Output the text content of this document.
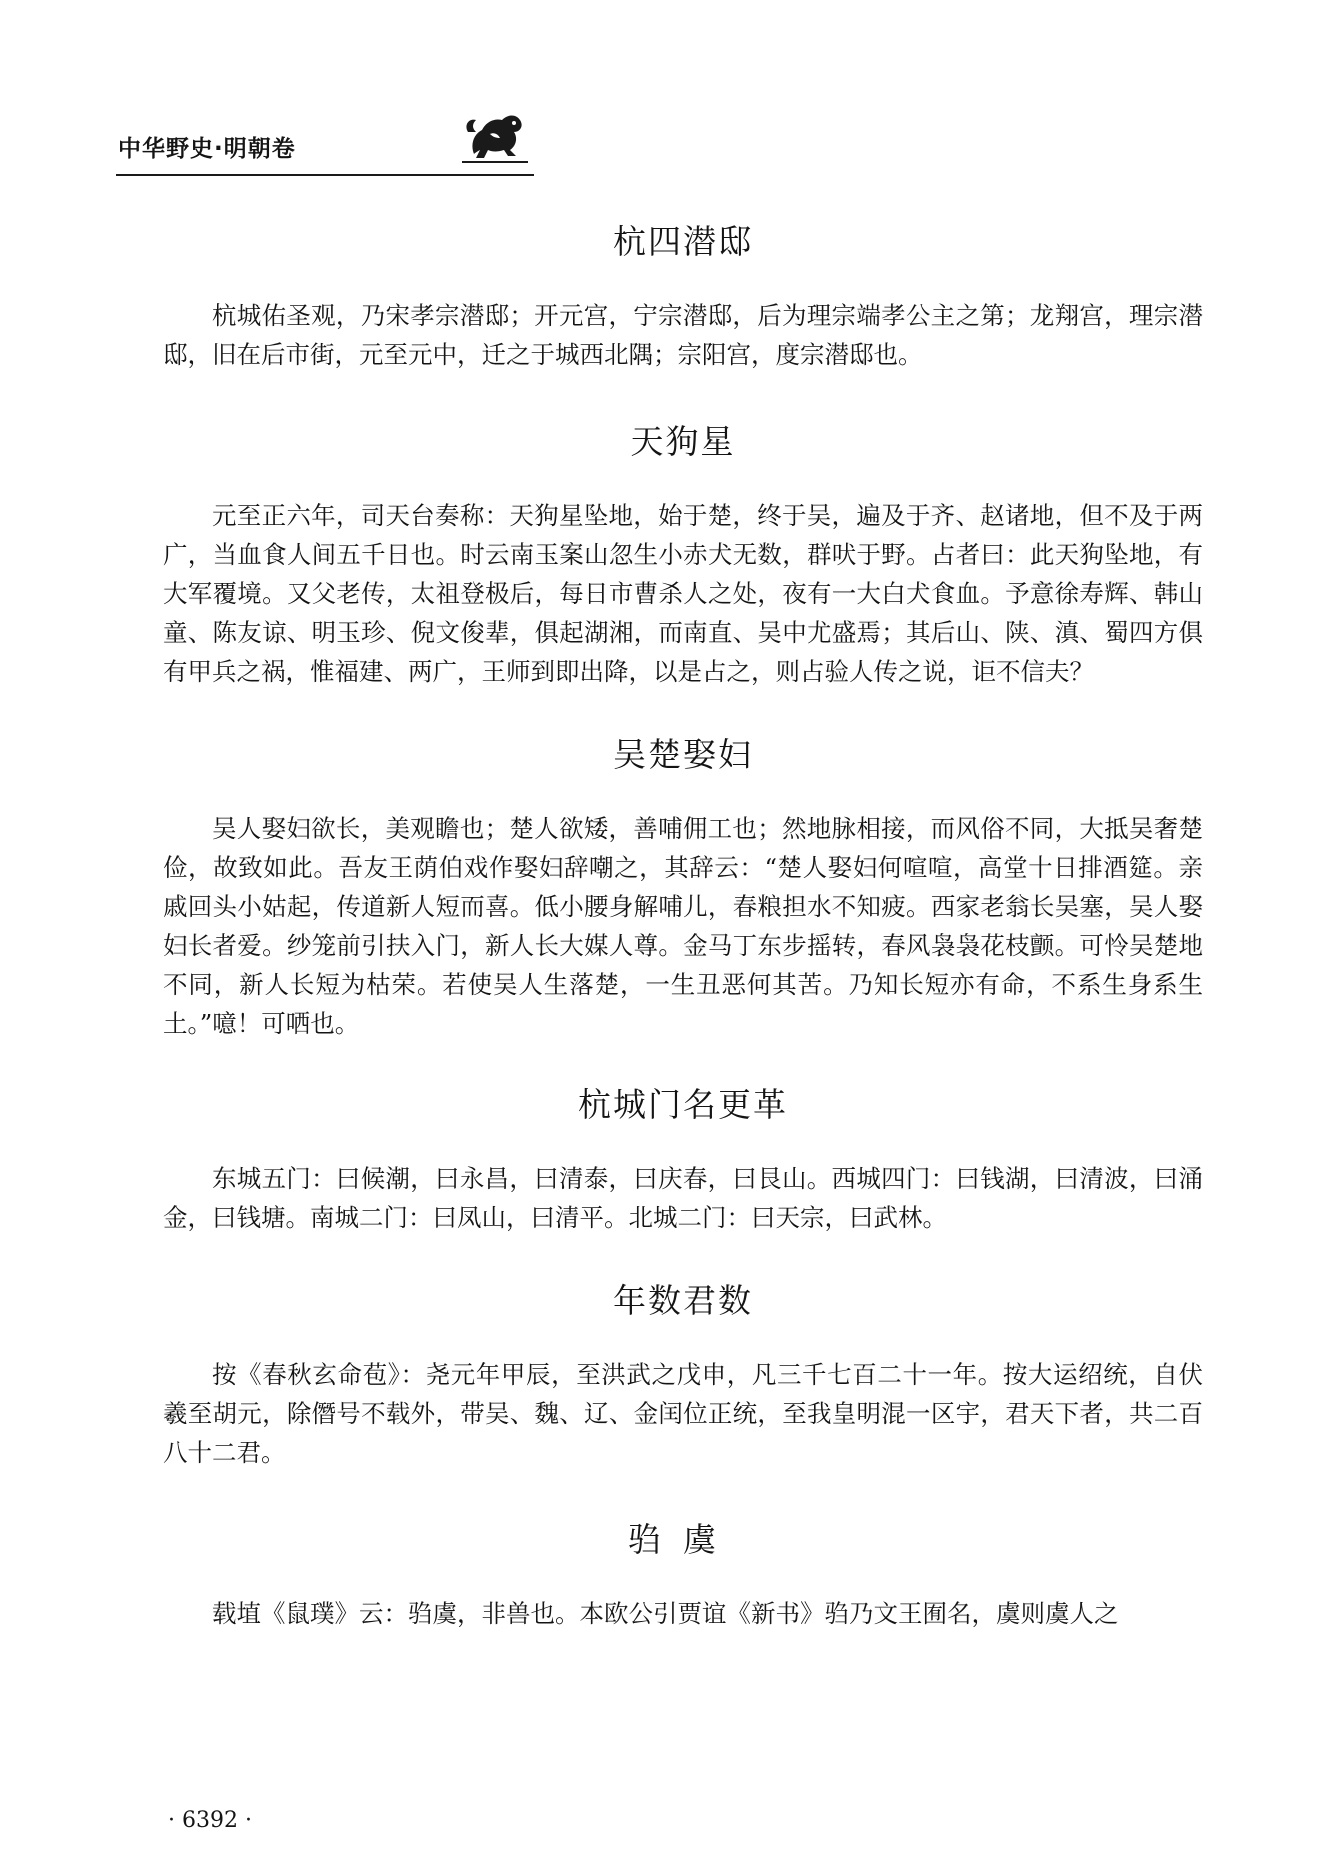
中华野史·明朝卷
杭四潜邸

杭城佑圣观，乃宋孝宗潜邸；开元宫，宁宗潜邸，后为理宗端孝公主之第；龙翔宫，理宗潜邸，旧在后市街，元至元中，迁之于城西北隅；宗阳宫，度宗潜邸也。

天狗星

元至正六年，司天台奏称：天狗星坠地，始于楚，终于吴，遍及于齐、赵诸地，但不及于两广，当血食人间五千日也。时云南玉案山忽生小赤犬无数，群吠于野。占者曰：此天狗坠地，有大军覆境。又父老传，太祖登极后，每日市曹杀人之处，夜有一大白犬食血。予意徐寿辉、韩山童、陈友谅、明玉珍、倪文俊辈，俱起湖湘，而南直、吴中尤盛焉；其后山、陕、滇、蜀四方俱有甲兵之祸，惟福建、两广，王师到即出降，以是占之，则占验人传之说，讵不信夫？

吴楚娶妇

吴人娶妇欲长，美观瞻也；楚人欲矮，善哺佣工也；然地脉相接，而风俗不同，大抵吴奢楚俭，故致如此。吾友王荫伯戏作娶妇辞嘲之，其辞云：“楚人娶妇何喧喧，高堂十日排酒筵。亲戚回头小姑起，传道新人短而喜。低小腰身解哺儿，春粮担水不知疲。西家老翁长吴塞，吴人娶妇长者爱。纱笼前引扶入门，新人长大媒人尊。金马丁东步摇转，春风袅袅花枝颤。可怜吴楚地不同，新人长短为枯荣。若使吴人生落楚，一生丑恶何其苦。乃知长短亦有命，不系生身系生土。”噫！可哂也。

杭城门名更革

东城五门：曰候潮，曰永昌，曰清泰，曰庆春，曰艮山。西城四门：曰钱湖，曰清波，曰涌金，曰钱塘。南城二门：曰凤山，曰清平。北城二门：曰天宗，曰武林。

年数君数

按《春秋玄命苞》：尧元年甲辰，至洪武之戊申，凡三千七百二十一年。按大运绍统，自伏羲至胡元，除僭号不载外，带吴、魏、辽、金闰位正统，至我皇明混一区宇，君天下者，共二百八十二君。

驺虞

载埴《鼠璞》云：驺虞，非兽也。本欧公引贾谊《新书》驺乃文王囿名，虞则虞人之

· 6392 ·
